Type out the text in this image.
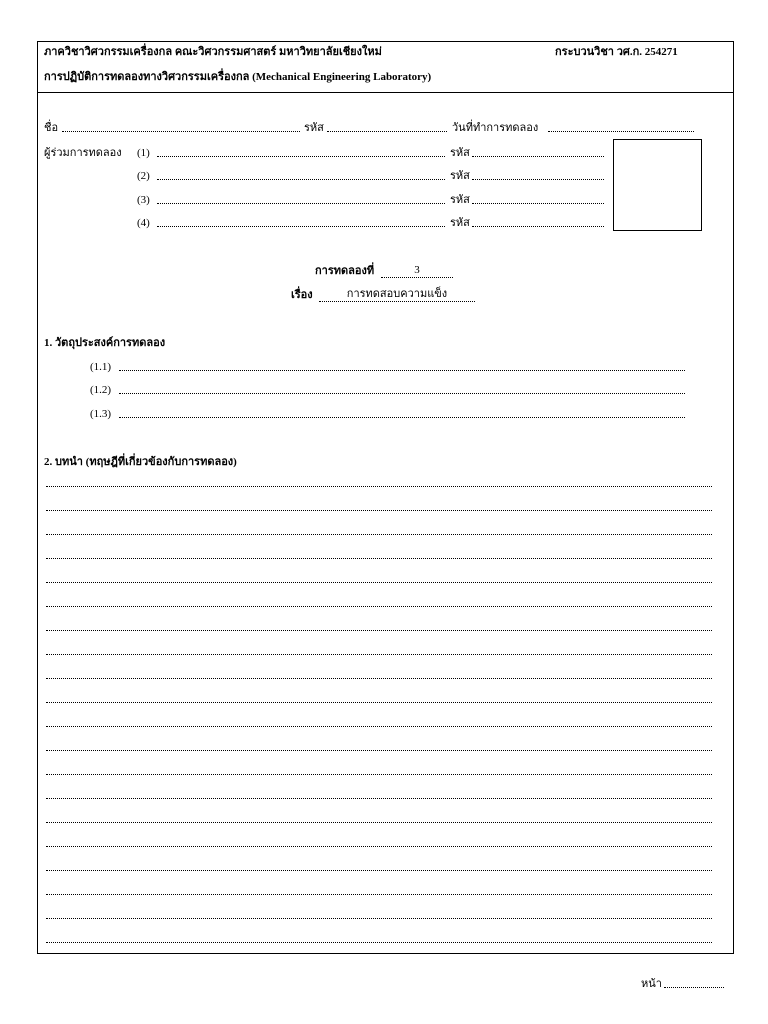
ภาควิชาวิศวกรรมเครื่องกล คณะวิศวกรรมศาสตร์ มหาวิทยาลัยเชียงใหม่	กระบวนวิชา วศ.ก. 254271
การปฏิบัติการทดลองทางวิศวกรรมเครื่องกล (Mechanical Engineering Laboratory)
ชื่อ	รหัส	วันที่ทำการทดลอง
ผู้ร่วมการทดลอง (1)	รหัส
(2)	รหัส
(3)	รหัส
(4)	รหัส
การทดลองที่	3
เรื่อง	การทดสอบความแข็ง
1. วัตถุประสงค์การทดลอง
(1.1)
(1.2)
(1.3)
2. บทนำ (ทฤษฎีที่เกี่ยวข้องกับการทดลอง)
หน้า
